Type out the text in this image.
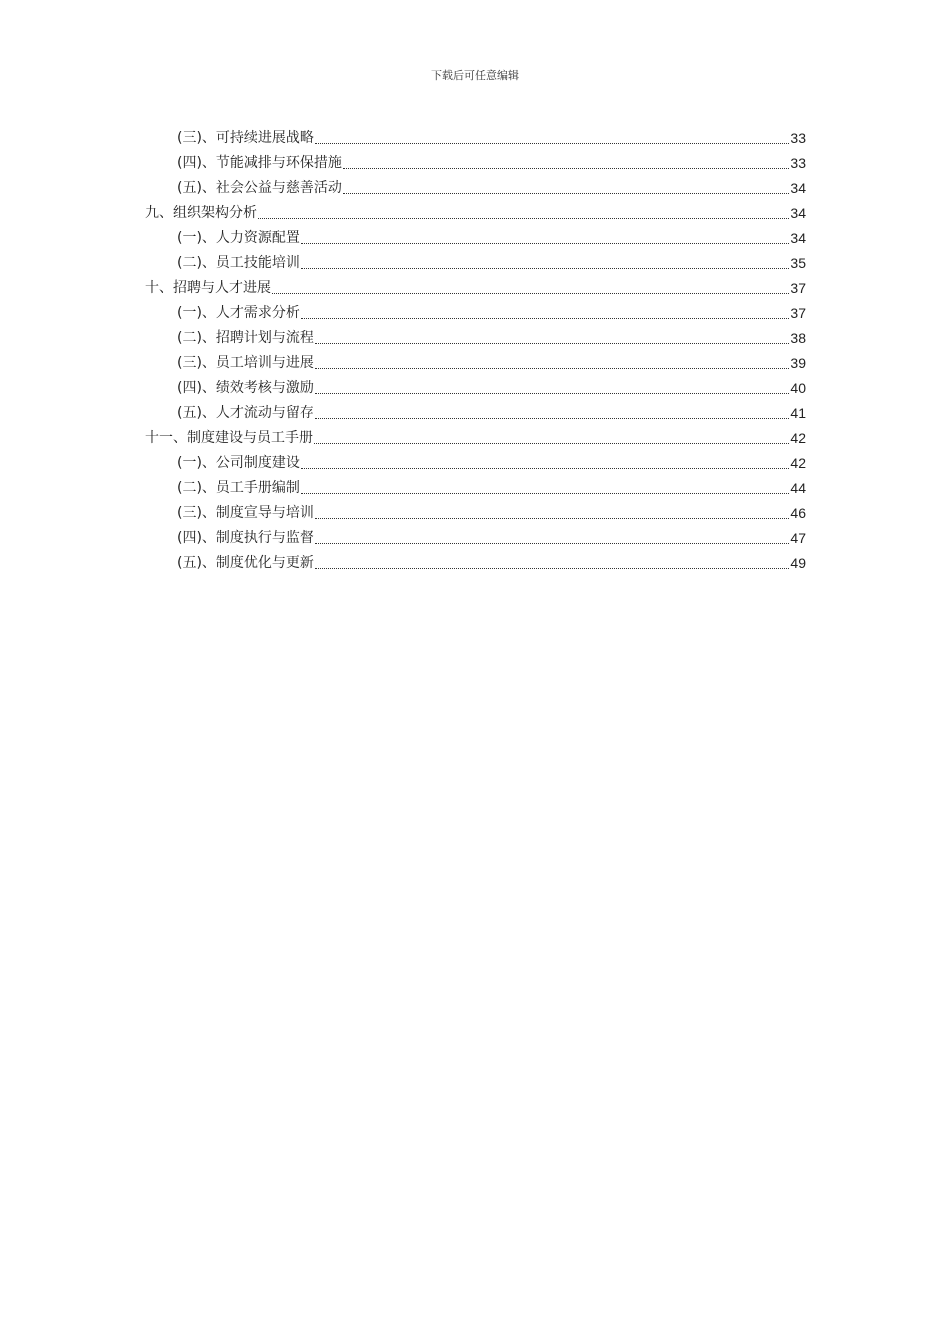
下载后可任意编辑
(三)、可持续进展战略	33
(四)、节能减排与环保措施	33
(五)、社会公益与慈善活动	34
九、组织架构分析	34
(一)、人力资源配置	34
(二)、员工技能培训	35
十、招聘与人才进展	37
(一)、人才需求分析	37
(二)、招聘计划与流程	38
(三)、员工培训与进展	39
(四)、绩效考核与激励	40
(五)、人才流动与留存	41
十一、制度建设与员工手册	42
(一)、公司制度建设	42
(二)、员工手册编制	44
(三)、制度宣导与培训	46
(四)、制度执行与监督	47
(五)、制度优化与更新	49
